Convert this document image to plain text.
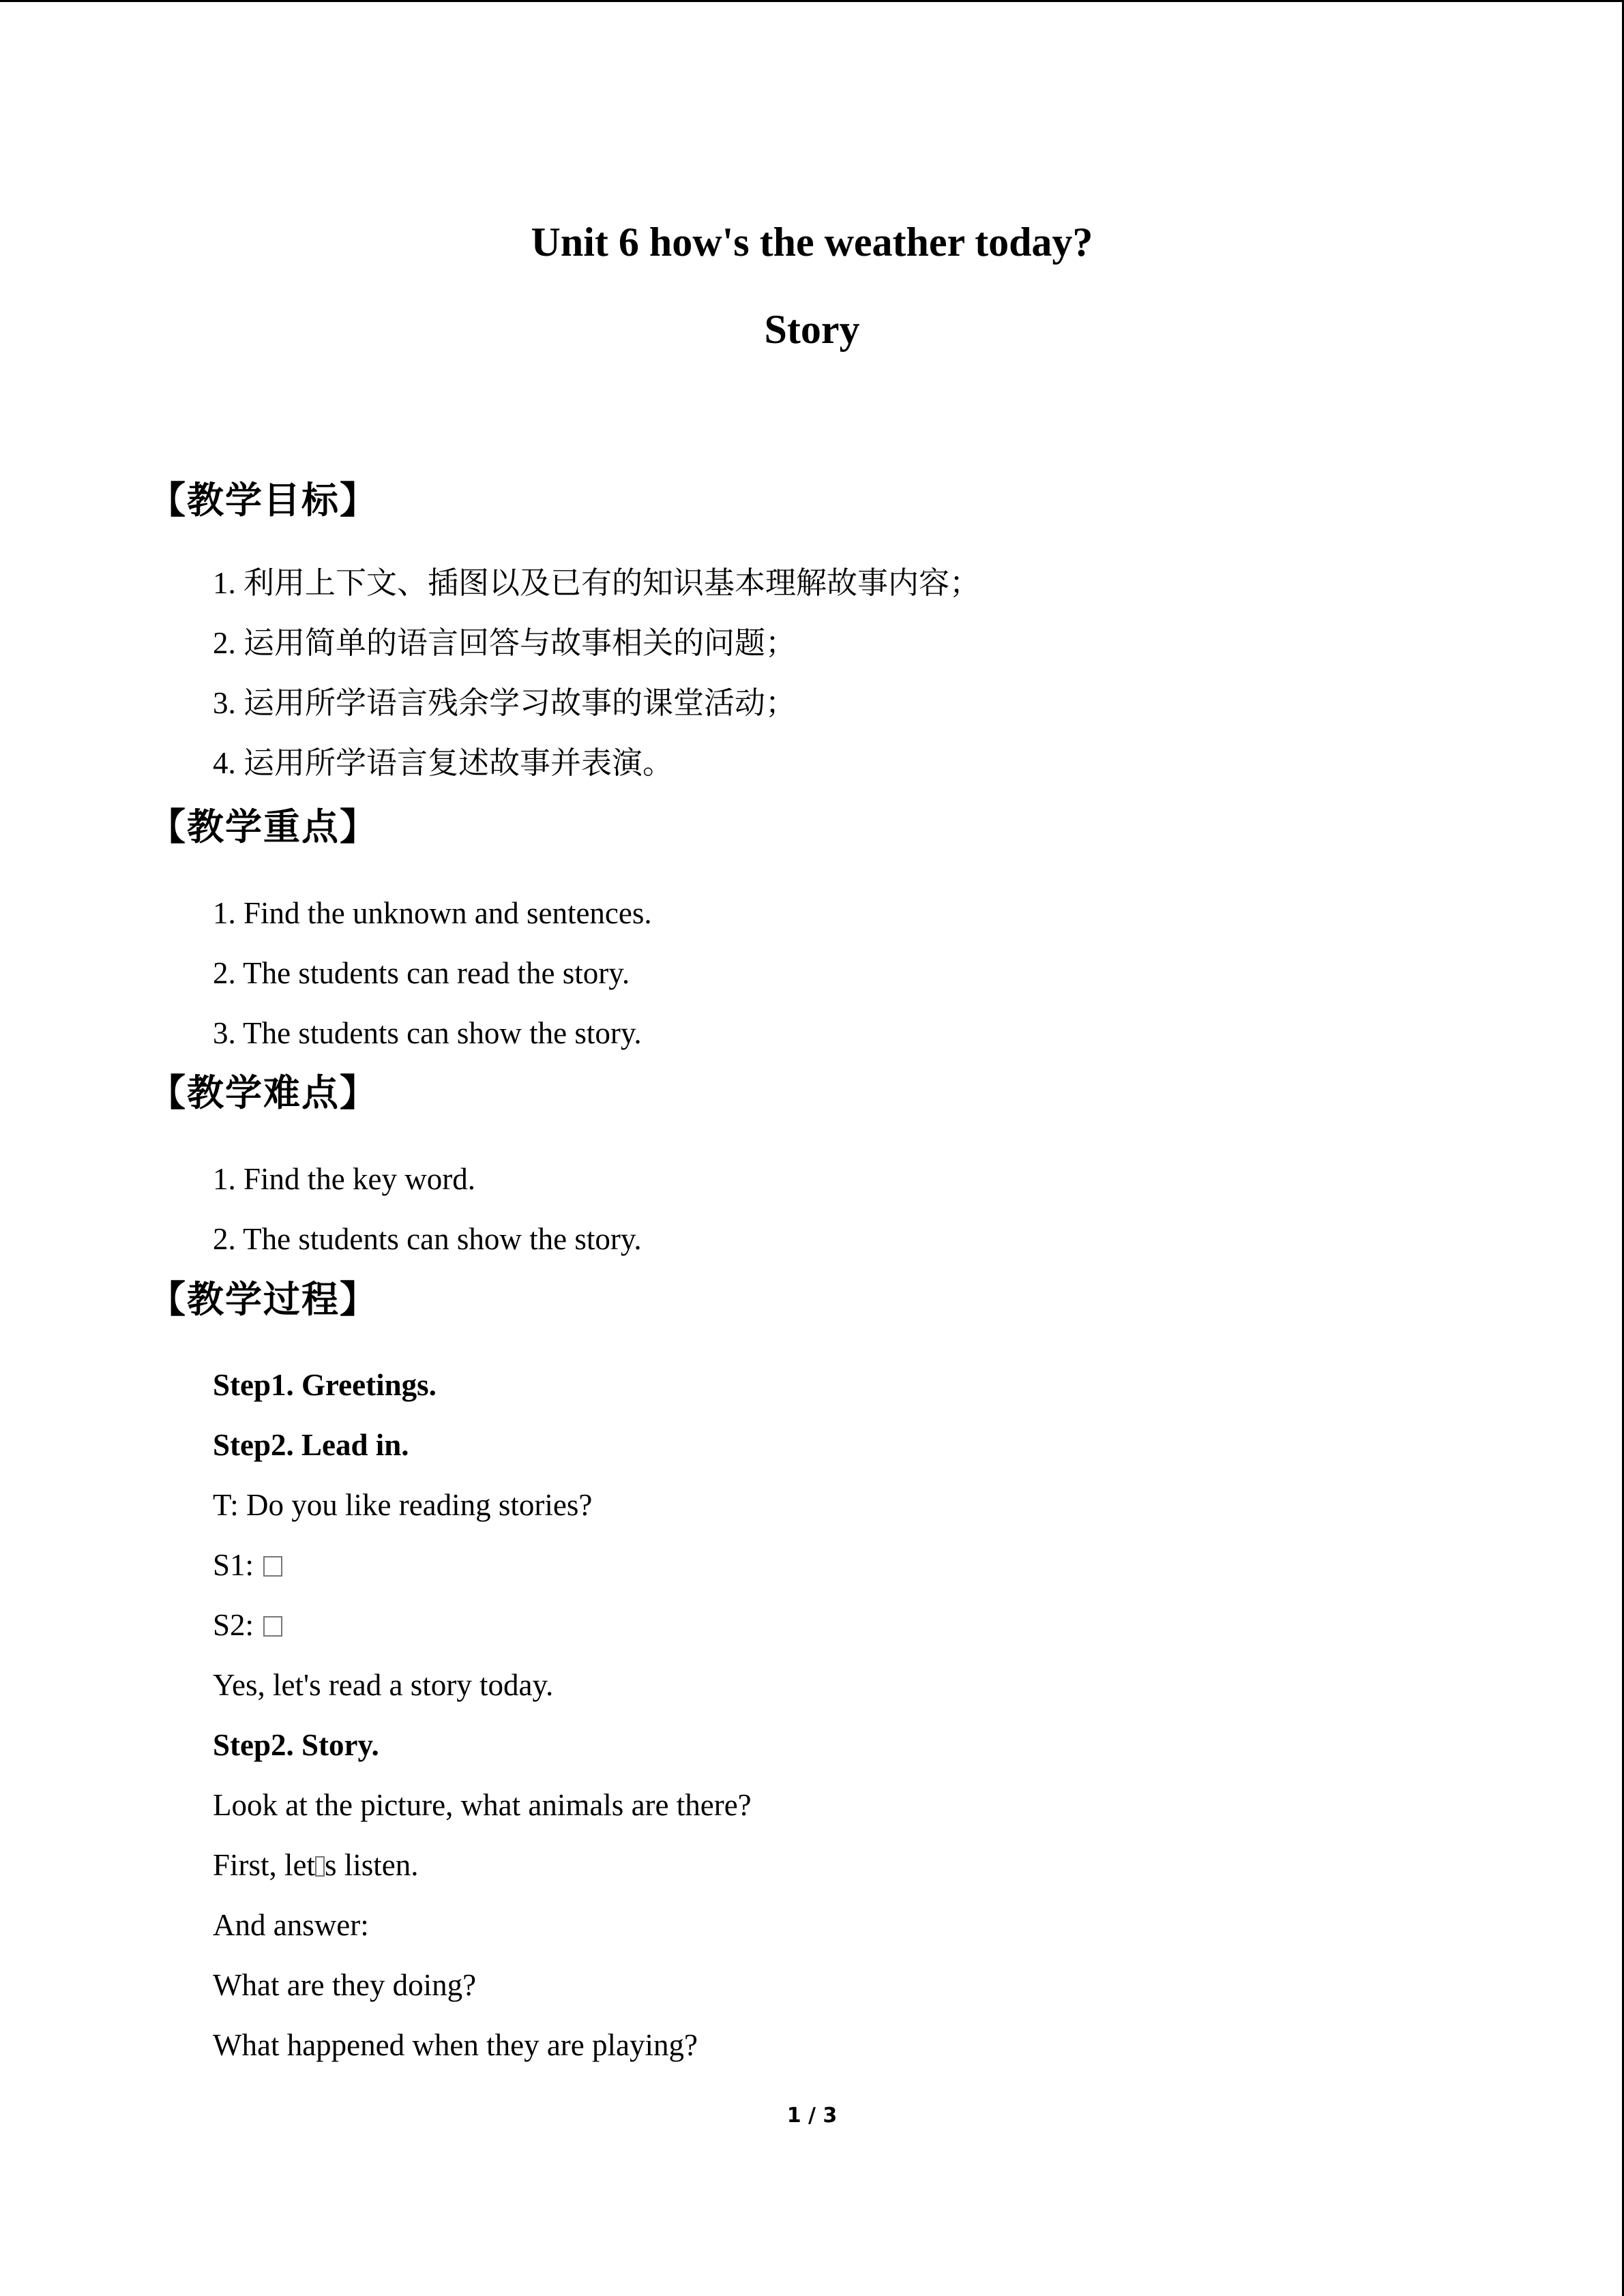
Unit 6 how's the weather today?
Story
【教学目标】
1. 利用上下文、插图以及已有的知识基本理解故事内容；
2. 运用简单的语言回答与故事相关的问题；
3. 运用所学语言残余学习故事的课堂活动；
4. 运用所学语言复述故事并表演。
【教学重点】
1. Find the unknown and sentences.
2. The students can read the story.
3. The students can show the story.
【教学难点】
1. Find the key word.
2. The students can show the story.
【教学过程】
Step1. Greetings.
Step2. Lead in.
T: Do you like reading stories?
S1:
S2:
Yes, let's read a story today.
Step2. Story.
Look at the picture, what animals are there?
First, let s listen.
And answer:
What are they doing?
What happened when they are playing?
1 / 3
